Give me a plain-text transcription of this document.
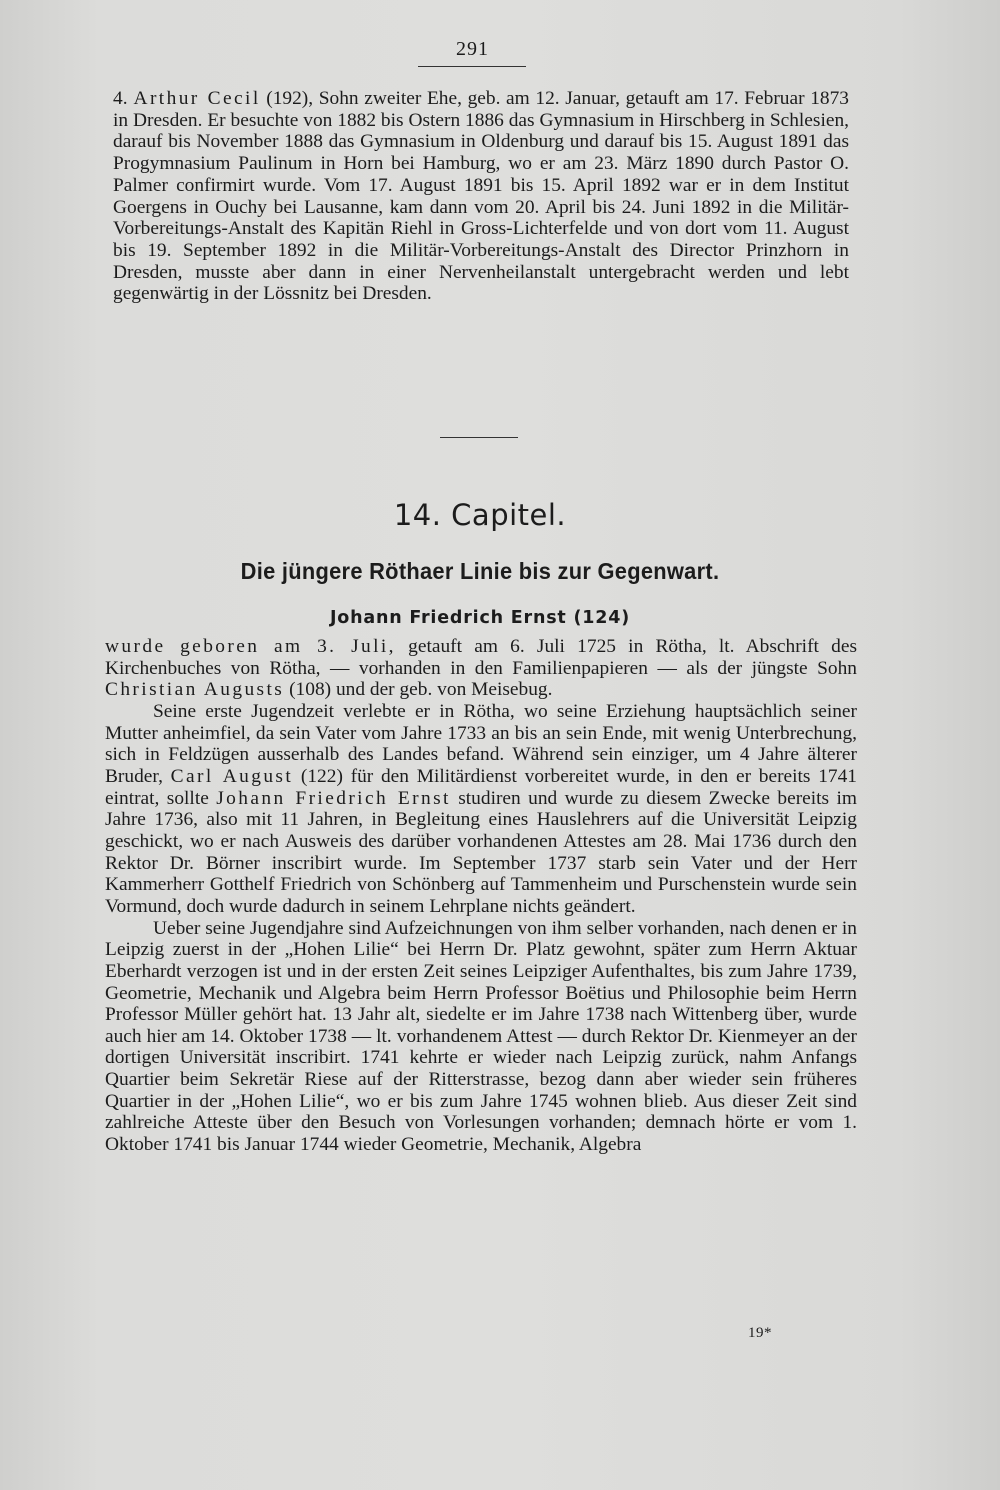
291
4. Arthur Cecil (192), Sohn zweiter Ehe, geb. am 12. Januar, getauft am 17. Februar 1873 in Dresden. Er besuchte von 1882 bis Ostern 1886 das Gymnasium in Hirschberg in Schlesien, darauf bis November 1888 das Gymnasium in Oldenburg und darauf bis 15. August 1891 das Progymnasium Paulinum in Horn bei Hamburg, wo er am 23. März 1890 durch Pastor O. Palmer confirmirt wurde. Vom 17. August 1891 bis 15. April 1892 war er in dem Institut Goergens in Ouchy bei Lausanne, kam dann vom 20. April bis 24. Juni 1892 in die Militär-Vorbereitungs-Anstalt des Kapitän Riehl in Gross-Lichterfelde und von dort vom 11. August bis 19. September 1892 in die Militär-Vorbereitungs-Anstalt des Director Prinzhorn in Dresden, musste aber dann in einer Nervenheilanstalt untergebracht werden und lebt gegenwärtig in der Lössnitz bei Dresden.
14. Capitel.
Die jüngere Röthaer Linie bis zur Gegenwart.
Johann Friedrich Ernst (124)

wurde geboren am 3. Juli, getauft am 6. Juli 1725 in Rötha, lt. Abschrift des Kirchenbuches von Rötha, — vorhanden in den Familienpapieren — als der jüngste Sohn Christian Augusts (108) und der geb. von Meisebug.

Seine erste Jugendzeit verlebte er in Rötha, wo seine Erziehung hauptsächlich seiner Mutter anheimfiel, da sein Vater vom Jahre 1733 an bis an sein Ende, mit wenig Unterbrechung, sich in Feldzügen ausserhalb des Landes befand. Während sein einziger, um 4 Jahre älterer Bruder, Carl August (122) für den Militärdienst vorbereitet wurde, in den er bereits 1741 eintrat, sollte Johann Friedrich Ernst studiren und wurde zu diesem Zwecke bereits im Jahre 1736, also mit 11 Jahren, in Begleitung eines Hauslehrers auf die Universität Leipzig geschickt, wo er nach Ausweis des darüber vorhandenen Attestes am 28. Mai 1736 durch den Rektor Dr. Börner inscribirt wurde. Im September 1737 starb sein Vater und der Herr Kammerherr Gotthelf Friedrich von Schönberg auf Tammenheim und Purschenstein wurde sein Vormund, doch wurde dadurch in seinem Lehrplane nichts geändert.

Ueber seine Jugendjahre sind Aufzeichnungen von ihm selber vorhanden, nach denen er in Leipzig zuerst in der „Hohen Lilie“ bei Herrn Dr. Platz gewohnt, später zum Herrn Aktuar Eberhardt verzogen ist und in der ersten Zeit seines Leipziger Aufenthaltes, bis zum Jahre 1739, Geometrie, Mechanik und Algebra beim Herrn Professor Boëtius und Philosophie beim Herrn Professor Müller gehört hat. 13 Jahr alt, siedelte er im Jahre 1738 nach Wittenberg über, wurde auch hier am 14. Oktober 1738 — lt. vorhandenem Attest — durch Rektor Dr. Kienmeyer an der dortigen Universität inscribirt. 1741 kehrte er wieder nach Leipzig zurück, nahm Anfangs Quartier beim Sekretär Riese auf der Ritterstrasse, bezog dann aber wieder sein früheres Quartier in der „Hohen Lilie“, wo er bis zum Jahre 1745 wohnen blieb. Aus dieser Zeit sind zahlreiche Atteste über den Besuch von Vorlesungen vorhanden; demnach hörte er vom 1. Oktober 1741 bis Januar 1744 wieder Geometrie, Mechanik, Algebra

19*
